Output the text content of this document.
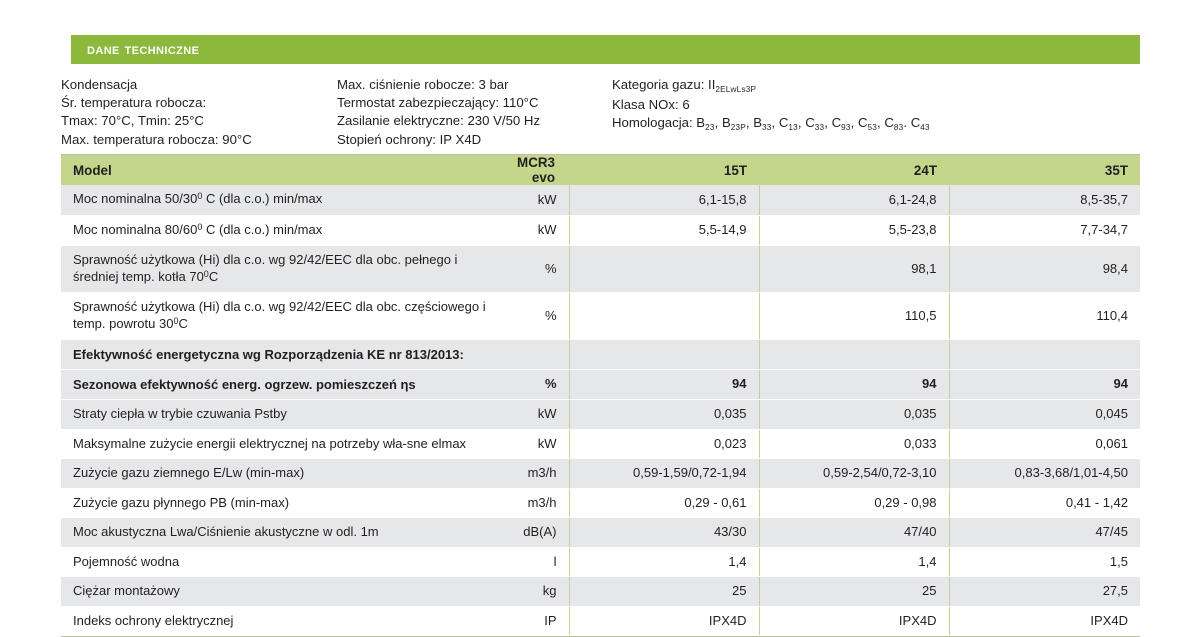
dane techniczne
Kondensacja
Śr. temperatura robocza:
Tmax: 70°C, Tmin: 25°C
Max. temperatura robocza: 90°C
Max. ciśnienie robocze: 3 bar
Termostat zabezpieczający: 110°C
Zasilanie elektryczne: 230 V/50 Hz
Stopień ochrony: IP X4D
Kategoria gazu: $II_{2ELwLs3P}$
Klasa NOx: 6
Homologacja: $B_{23}$, $B_{23P}$, $B_{33}$, $C_{13}$, $C_{33}$, $C_{93}$, $C_{53}$, $C_{83}$. $C_{43}$
Model	MCR3 evo	15T	24T	35T
Moc nominalna $50/30^0$ C (dla c.o.) min/max	kW	6,1-15,8	6,1-24,8	8,5-35,7
Moc nominalna $80/60^0$ C (dla c.o.) min/max	kW	5,5-14,9	5,5-23,8	7,7-34,7
Sprawność użytkowa (Hi) dla c.o. wg 92/42/EEC dla obc. pełnego i średniej temp. kotła $70^0C$	%		98,1	98,4
Sprawność użytkowa (Hi) dla c.o. wg 92/42/EEC dla obc. częściowego i temp. powrotu $30^0C$	%		110,5	110,4
Efektywność energetyczna wg Rozporządzenia KE nr 813/2013:				
Sezonowa efektywność energ. ogrzew. pomieszczeń ηs	%	94	94	94
Straty ciepła w trybie czuwania Pstby	kW	0,035	0,035	0,045
Maksymalne zużycie energii elektrycznej na potrzeby wła-sne elmax	kW	0,023	0,033	0,061
Zużycie gazu ziemnego E/Lw (min-max)	m3/h	0,59-1,59/0,72-1,94	0,59-2,54/0,72-3,10	0,83-3,68/1,01-4,50
Zużycie gazu płynnego PB (min-max)	m3/h	0,29 - 0,61	0,29 - 0,98	0,41 - 1,42
Moc akustyczna Lwa/Ciśnienie akustyczne w odl. 1m	dB(A)	43/30	47/40	47/45
Pojemność wodna	l	1,4	1,4	1,5
Ciężar montażowy	kg	25	25	27,5
Indeks ochrony elektrycznej	IP	IPX4D	IPX4D	IPX4D
